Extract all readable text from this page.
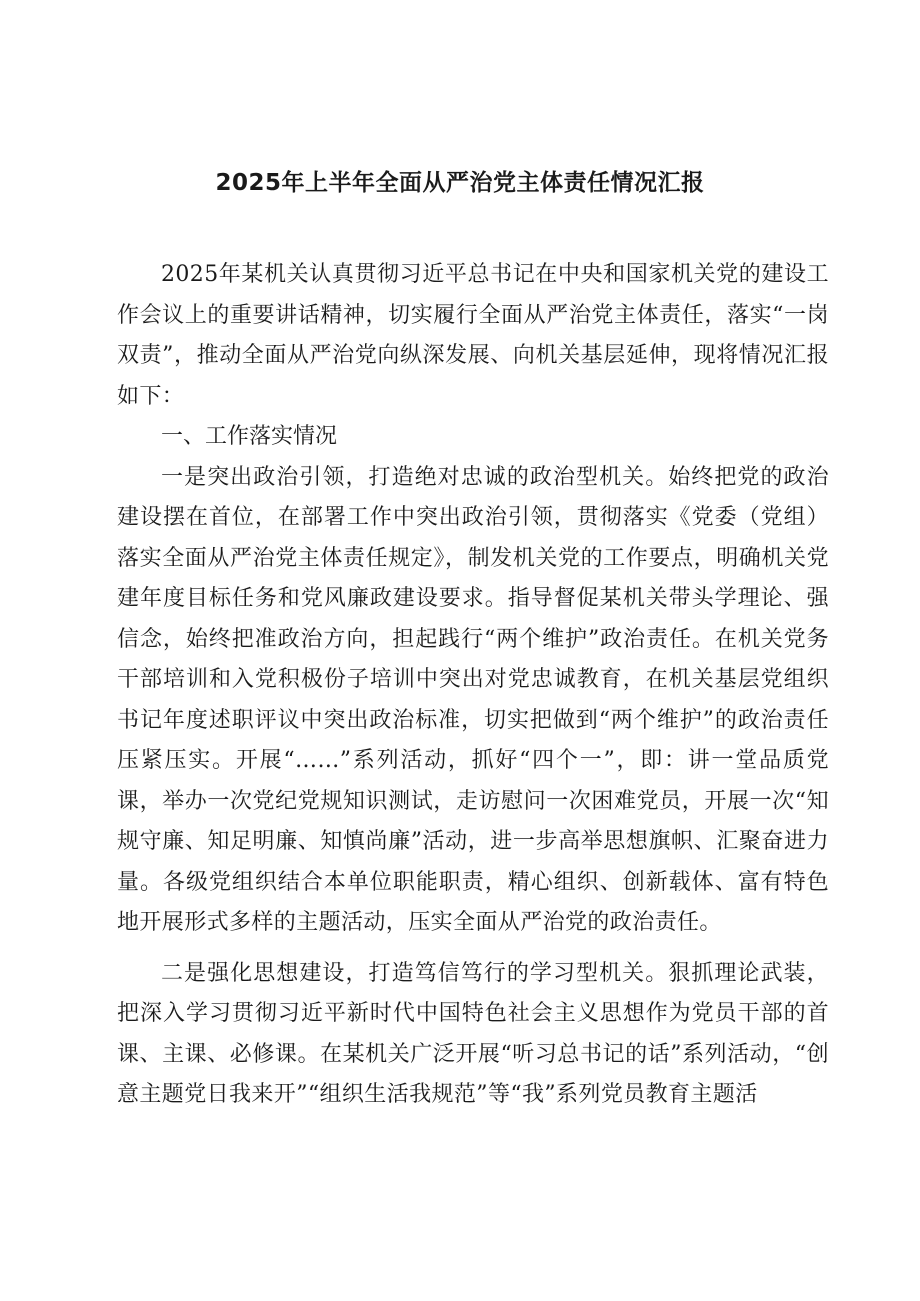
2025年上半年全面从严治党主体责任情况汇报

2025年某机关认真贯彻习近平总书记在中央和国家机关党的建设工作会议上的重要讲话精神，切实履行全面从严治党主体责任，落实“一岗双责”，推动全面从严治党向纵深发展、向机关基层延伸，现将情况汇报如下：

一、工作落实情况

一是突出政治引领，打造绝对忠诚的政治型机关。始终把党的政治建设摆在首位，在部署工作中突出政治引领，贯彻落实《党委（党组）落实全面从严治党主体责任规定》，制发机关党的工作要点，明确机关党建年度目标任务和党风廉政建设要求。指导督促某机关带头学理论、强信念，始终把准政治方向，担起践行“两个维护”政治责任。在机关党务干部培训和入党积极份子培训中突出对党忠诚教育，在机关基层党组织书记年度述职评议中突出政治标准，切实把做到“两个维护”的政治责任压紧压实。开展“……”系列活动，抓好“四个一”，即：讲一堂品质党课，举办一次党纪党规知识测试，走访慰问一次困难党员，开展一次“知规守廉、知足明廉、知慎尚廉”活动，进一步高举思想旗帜、汇聚奋进力量。各级党组织结合本单位职能职责，精心组织、创新载体、富有特色地开展形式多样的主题活动，压实全面从严治党的政治责任。

二是强化思想建设，打造笃信笃行的学习型机关。狠抓理论武装，把深入学习贯彻习近平新时代中国特色社会主义思想作为党员干部的首课、主课、必修课。在某机关广泛开展“听习总书记的话”系列活动，“创意主题党日我来开”“组织生活我规范”等“我”系列党员教育主题活
